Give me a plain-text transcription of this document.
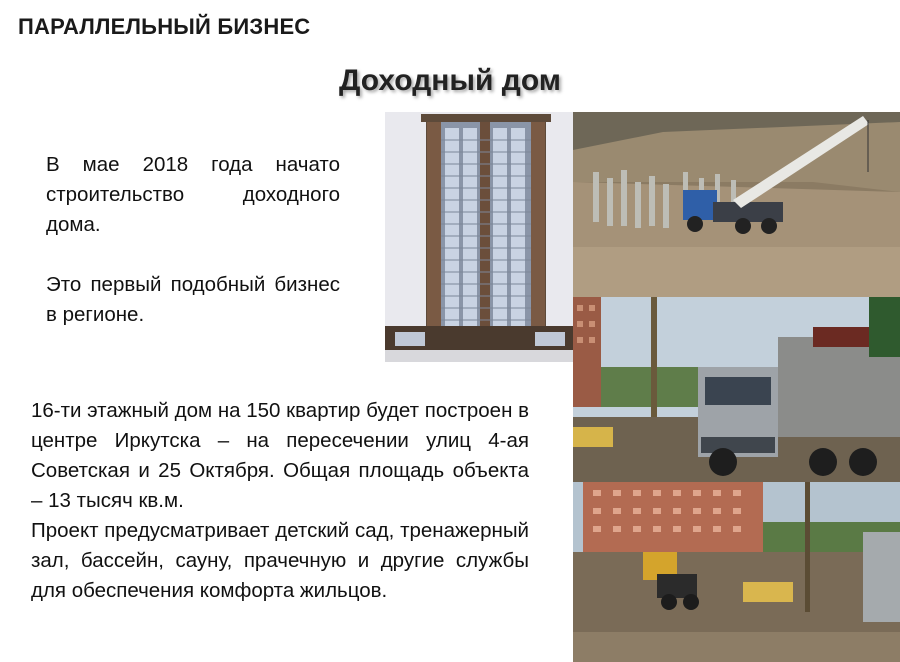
ПАРАЛЛЕЛЬНЫЙ БИЗНЕС
Доходный дом

В мае 2018 года начато строительство доходного дома.

Это первый подобный бизнес в регионе.

16-ти этажный дом на 150 квартир будет построен в центре Иркутска – на пересечении улиц 4-ая Советская и 25 Октября. Общая площадь объекта – 13 тысяч кв.м.

Проект предусматривает детский сад, тренажерный зал, бассейн, сауну, прачечную и другие службы для обеспечения комфорта жильцов.
